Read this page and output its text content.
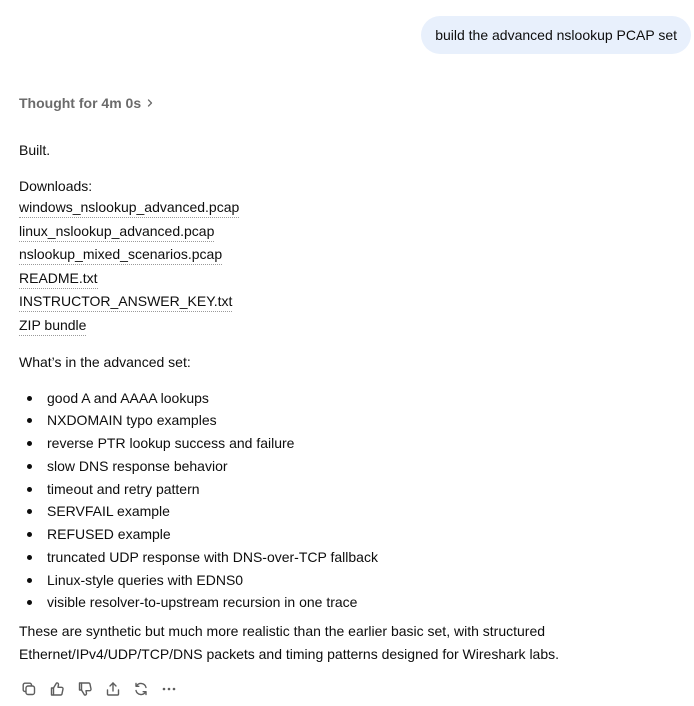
build the advanced nslookup PCAP set
Thought for 4m 0s
Built.
Downloads:
windows_nslookup_advanced.pcap
linux_nslookup_advanced.pcap
nslookup_mixed_scenarios.pcap
README.txt
INSTRUCTOR_ANSWER_KEY.txt
ZIP bundle
What’s in the advanced set:
good A and AAAA lookups
NXDOMAIN typo examples
reverse PTR lookup success and failure
slow DNS response behavior
timeout and retry pattern
SERVFAIL example
REFUSED example
truncated UDP response with DNS-over-TCP fallback
Linux-style queries with EDNS0
visible resolver-to-upstream recursion in one trace
These are synthetic but much more realistic than the earlier basic set, with structured Ethernet/IPv4/UDP/TCP/DNS packets and timing patterns designed for Wireshark labs.
